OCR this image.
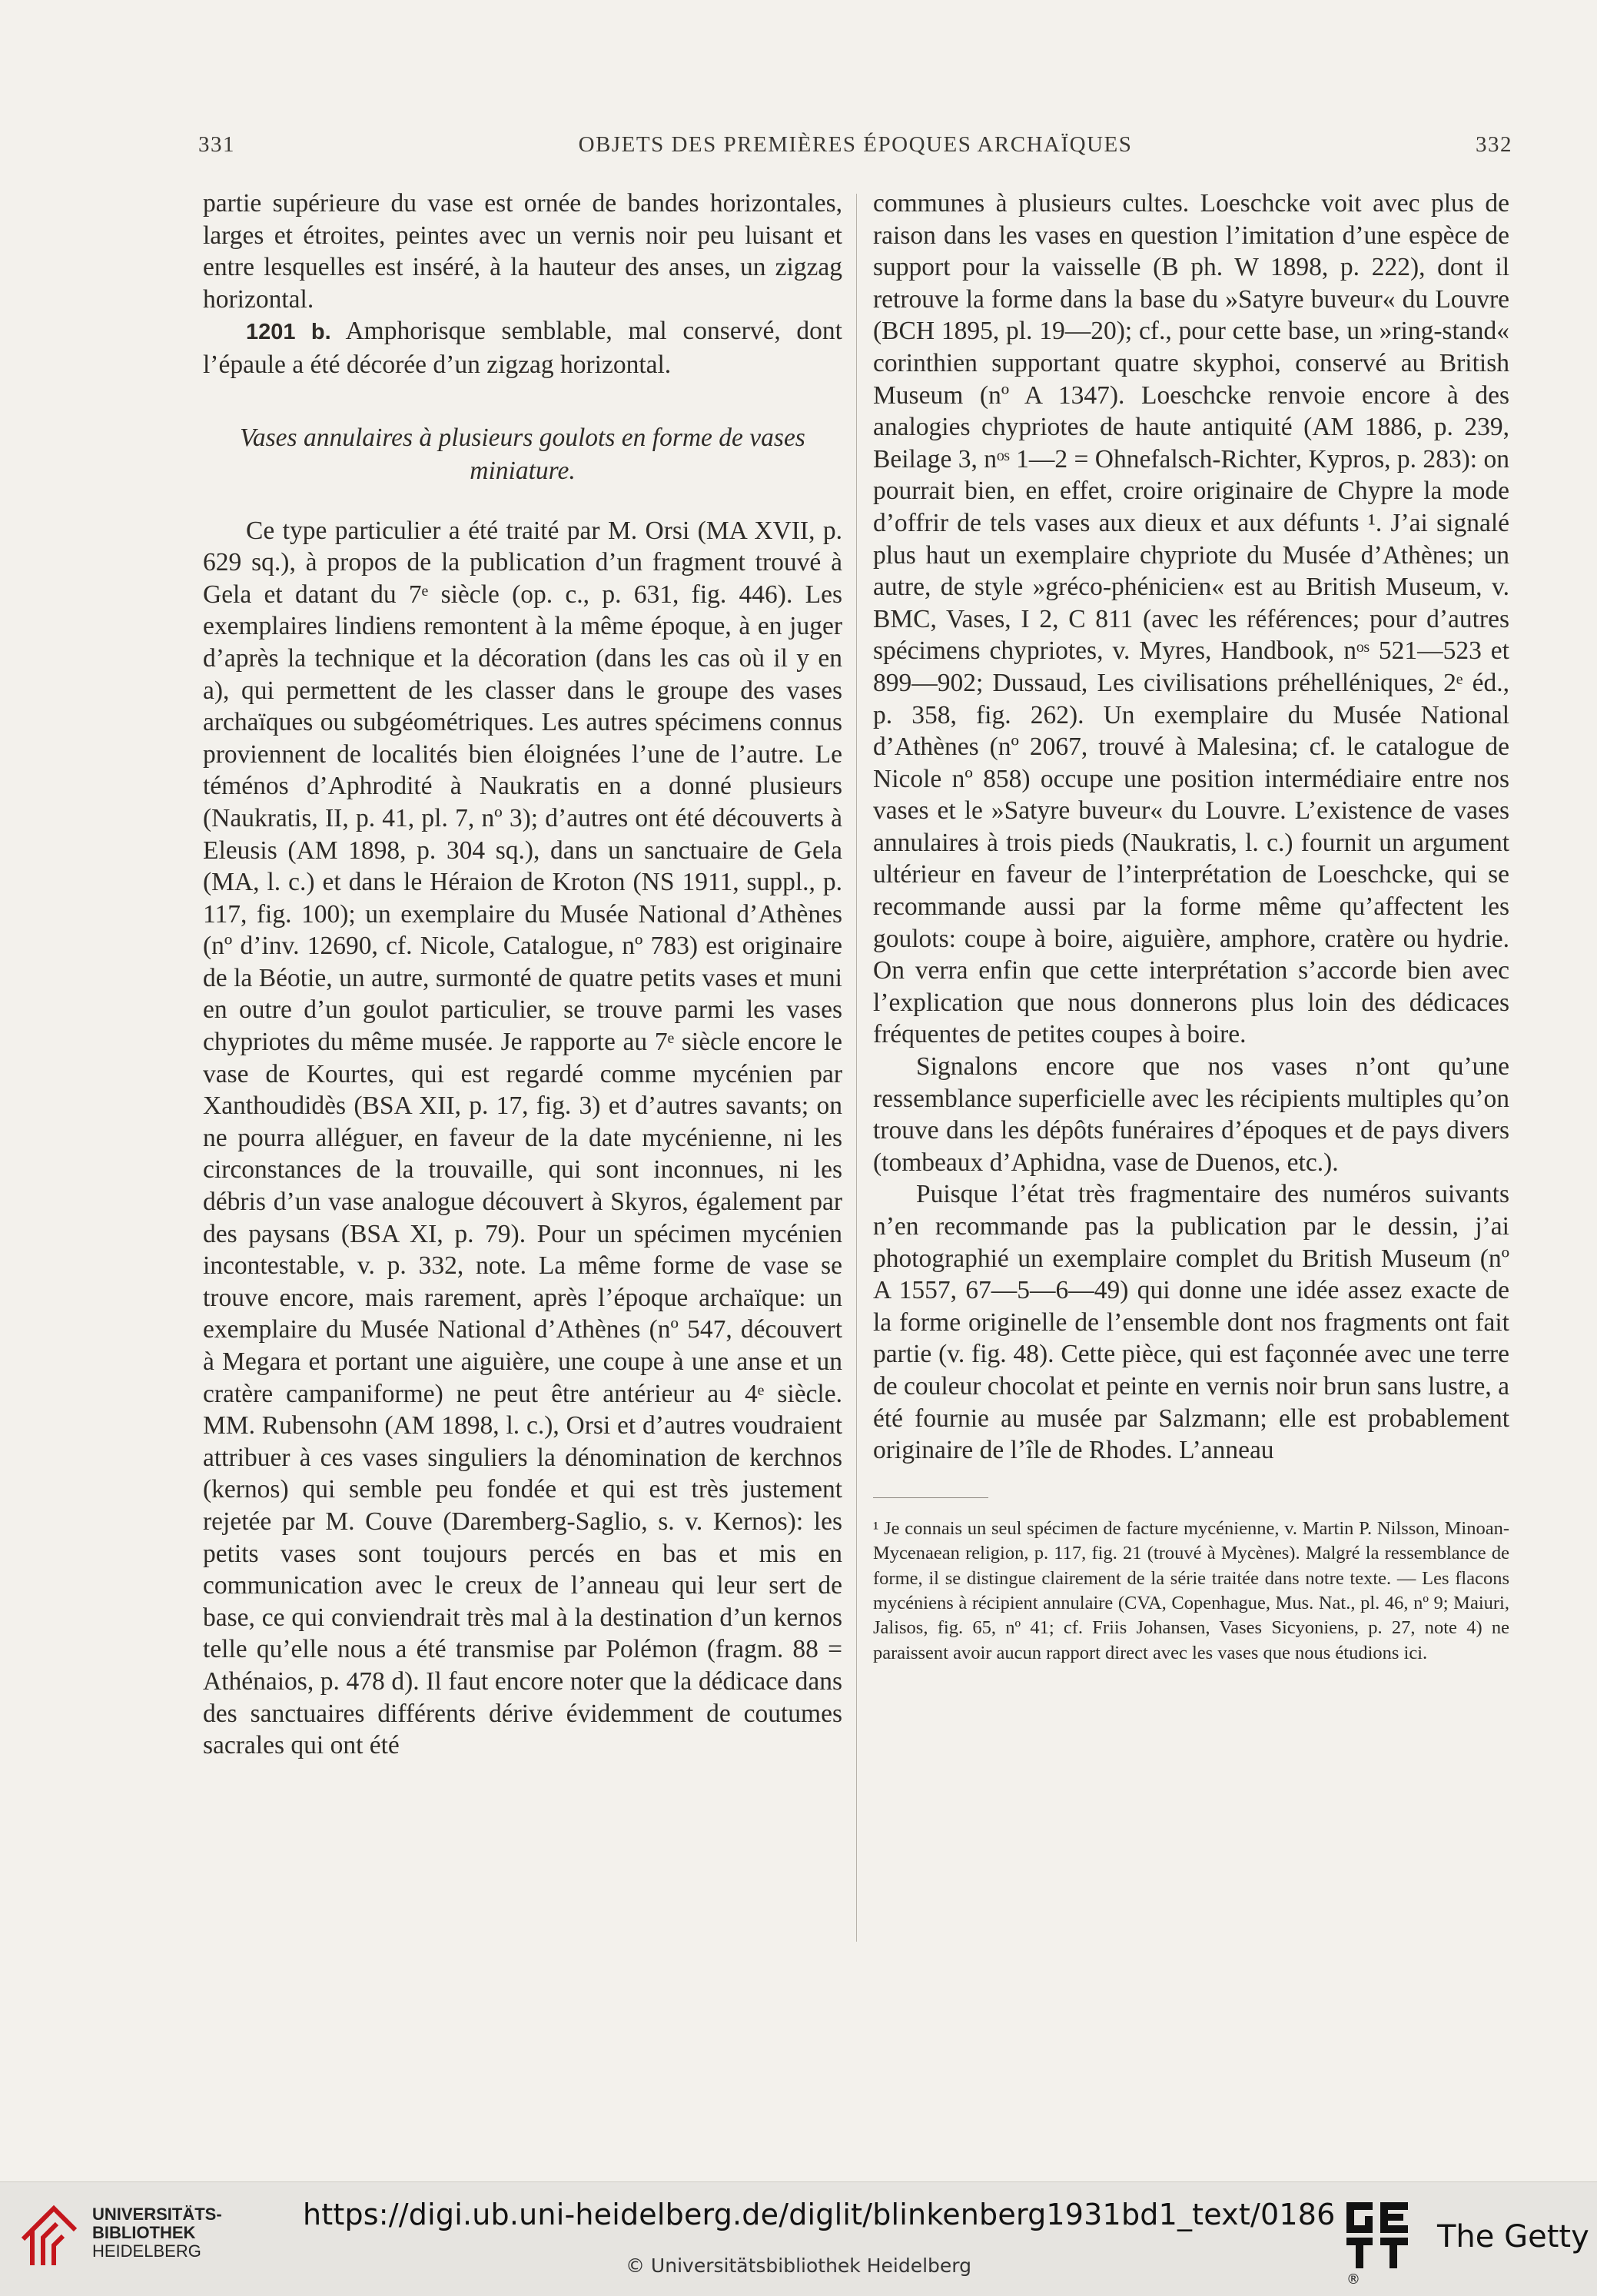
331	OBJETS DES PREMIÈRES ÉPOQUES ARCHAÏQUES	332

partie supérieure du vase est ornée de bandes horizontales, larges et étroites, peintes avec un vernis noir peu luisant et entre lesquelles est inséré, à la hauteur des anses, un zigzag horizontal.

1201 b. Amphorisque semblable, mal conservé, dont l’épaule a été décorée d’un zigzag horizontal.

Vases annulaires à plusieurs goulots en forme de vases miniature.

Ce type particulier a été traité par M. Orsi (MA XVII, p. 629 sq.), à propos de la publication d’un fragment trouvé à Gela et datant du 7ᵉ siècle (op. c., p. 631, fig. 446). Les exemplaires lindiens remontent à la même époque, à en juger d’après la technique et la décoration (dans les cas où il y en a), qui permettent de les classer dans le groupe des vases archaïques ou subgéométriques. Les autres spécimens connus proviennent de localités bien éloignées l’une de l’autre. Le téménos d’Aphrodité à Naukratis en a donné plusieurs (Naukratis, II, p. 41, pl. 7, nº 3); d’autres ont été découverts à Eleusis (AM 1898, p. 304 sq.), dans un sanctuaire de Gela (MA, l. c.) et dans le Héraion de Kroton (NS 1911, suppl., p. 117, fig. 100); un exemplaire du Musée National d’Athènes (nº d’inv. 12690, cf. Nicole, Catalogue, nº 783) est originaire de la Béotie, un autre, surmonté de quatre petits vases et muni en outre d’un goulot particulier, se trouve parmi les vases chypriotes du même musée. Je rapporte au 7ᵉ siècle encore le vase de Kourtes, qui est regardé comme mycénien par Xanthoudidès (BSA XII, p. 17, fig. 3) et d’autres savants; on ne pourra alléguer, en faveur de la date mycénienne, ni les circonstances de la trouvaille, qui sont inconnues, ni les débris d’un vase analogue découvert à Skyros, également par des paysans (BSA XI, p. 79). Pour un spécimen mycénien incontestable, v. p. 332, note. La même forme de vase se trouve encore, mais rarement, après l’époque archaïque: un exemplaire du Musée National d’Athènes (nº 547, découvert à Megara et portant une aiguière, une coupe à une anse et un cratère campaniforme) ne peut être antérieur au 4ᵉ siècle. MM. Rubensohn (AM 1898, l. c.), Orsi et d’autres voudraient attribuer à ces vases singuliers la dénomination de kerchnos (kernos) qui semble peu fondée et qui est très justement rejetée par M. Couve (Daremberg-Saglio, s. v. Kernos): les petits vases sont toujours percés en bas et mis en communication avec le creux de l’anneau qui leur sert de base, ce qui conviendrait très mal à la destination d’un kernos telle qu’elle nous a été transmise par Polémon (fragm. 88 = Athénaios, p. 478 d). Il faut encore noter que la dédicace dans des sanctuaires différents dérive évidemment de coutumes sacrales qui ont été

communes à plusieurs cultes. Loeschcke voit avec plus de raison dans les vases en question l’imitation d’une espèce de support pour la vaisselle (B ph. W 1898, p. 222), dont il retrouve la forme dans la base du »Satyre buveur« du Louvre (BCH 1895, pl. 19—20); cf., pour cette base, un »ring-stand« corinthien supportant quatre skyphoi, conservé au British Museum (nº A 1347). Loeschcke renvoie encore à des analogies chypriotes de haute antiquité (AM 1886, p. 239, Beilage 3, nᵒˢ 1—2 = Ohnefalsch-Richter, Kypros, p. 283): on pourrait bien, en effet, croire originaire de Chypre la mode d’offrir de tels vases aux dieux et aux défunts ¹. J’ai signalé plus haut un exemplaire chypriote du Musée d’Athènes; un autre, de style »gréco-phénicien« est au British Museum, v. BMC, Vases, I 2, C 811 (avec les références; pour d’autres spécimens chypriotes, v. Myres, Handbook, nᵒˢ 521—523 et 899—902; Dussaud, Les civilisations préhelléniques, 2ᵉ éd., p. 358, fig. 262). Un exemplaire du Musée National d’Athènes (nº 2067, trouvé à Malesina; cf. le catalogue de Nicole nº 858) occupe une position intermédiaire entre nos vases et le »Satyre buveur« du Louvre. L’existence de vases annulaires à trois pieds (Naukratis, l. c.) fournit un argument ultérieur en faveur de l’interprétation de Loeschcke, qui se recommande aussi par la forme même qu’affectent les goulots: coupe à boire, aiguière, amphore, cratère ou hydrie. On verra enfin que cette interprétation s’accorde bien avec l’explication que nous donnerons plus loin des dédicaces fréquentes de petites coupes à boire.

Signalons encore que nos vases n’ont qu’une ressemblance superficielle avec les récipients multiples qu’on trouve dans les dépôts funéraires d’époques et de pays divers (tombeaux d’Aphidna, vase de Duenos, etc.).

Puisque l’état très fragmentaire des numéros suivants n’en recommande pas la publication par le dessin, j’ai photographié un exemplaire complet du British Museum (nº A 1557, 67—5—6—49) qui donne une idée assez exacte de la forme originelle de l’ensemble dont nos fragments ont fait partie (v. fig. 48). Cette pièce, qui est façonnée avec une terre de couleur chocolat et peinte en vernis noir brun sans lustre, a été fournie au musée par Salzmann; elle est probablement originaire de l’île de Rhodes. L’anneau

¹ Je connais un seul spécimen de facture mycénienne, v. Martin P. Nilsson, Minoan-Mycenaean religion, p. 117, fig. 21 (trouvé à Mycènes). Malgré la ressemblance de forme, il se distingue clairement de la série traitée dans notre texte. — Les flacons mycéniens à récipient annulaire (CVA, Copenhague, Mus. Nat., pl. 46, nº 9; Maiuri, Jalisos, fig. 65, nº 41; cf. Friis Johansen, Vases Sicyoniens, p. 27, note 4) ne paraissent avoir aucun rapport direct avec les vases que nous étudions ici.

UNIVERSITÄTS-
BIBLIOTHEK
HEIDELBERG
https://digi.ub.uni-heidelberg.de/diglit/blinkenberg1931bd1_text/0186
© Universitätsbibliothek Heidelberg
®
The Getty
